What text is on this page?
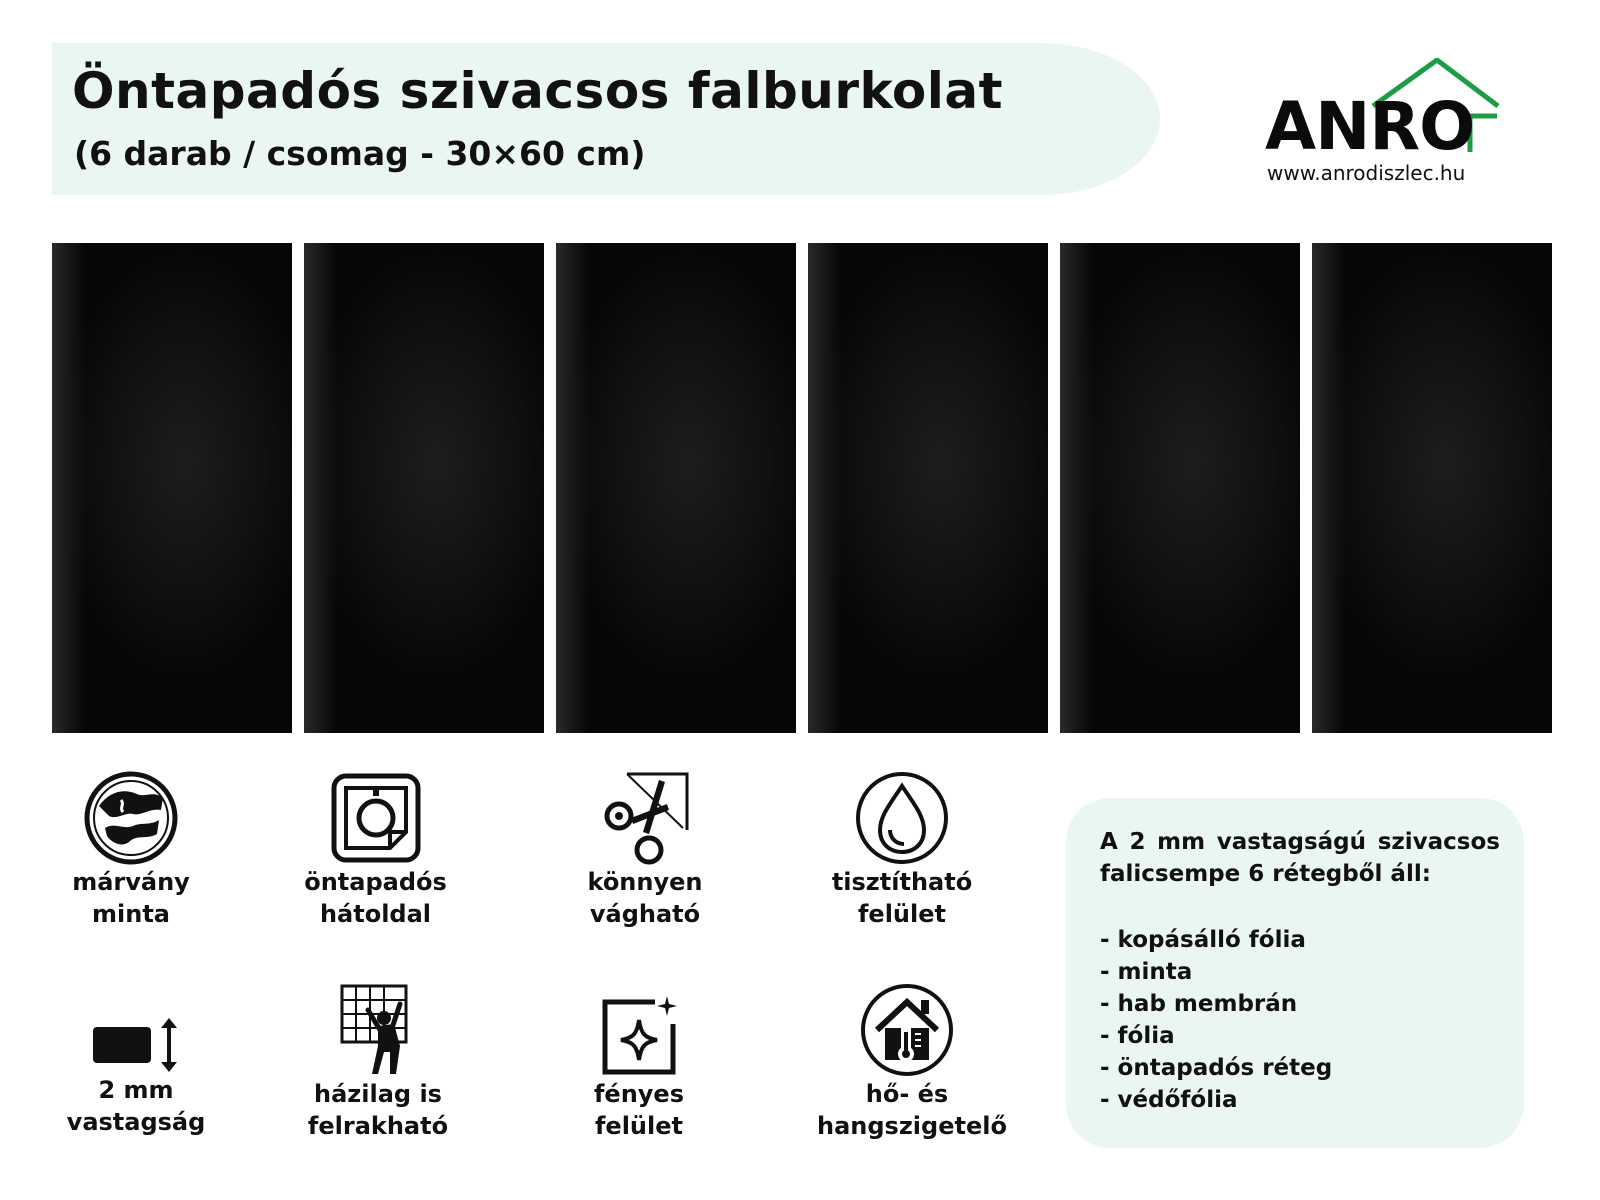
Öntapadós szivacsos falburkolat
(6 darab / csomag - 30×60 cm)	ANRO
www.anrodiszlec.hu
márvány
minta
öntapadós
hátoldal
könnyen
vágható
tisztítható
felület
2 mm
vastagság
házilag is
felrakható
fényes
felület
hő- és
hangszigetelő
A 2 mm vastagságú szivacsos falicsempe 6 rétegből áll:
- kopásálló fólia
- minta
- hab membrán
- fólia
- öntapadós réteg
- védőfólia
